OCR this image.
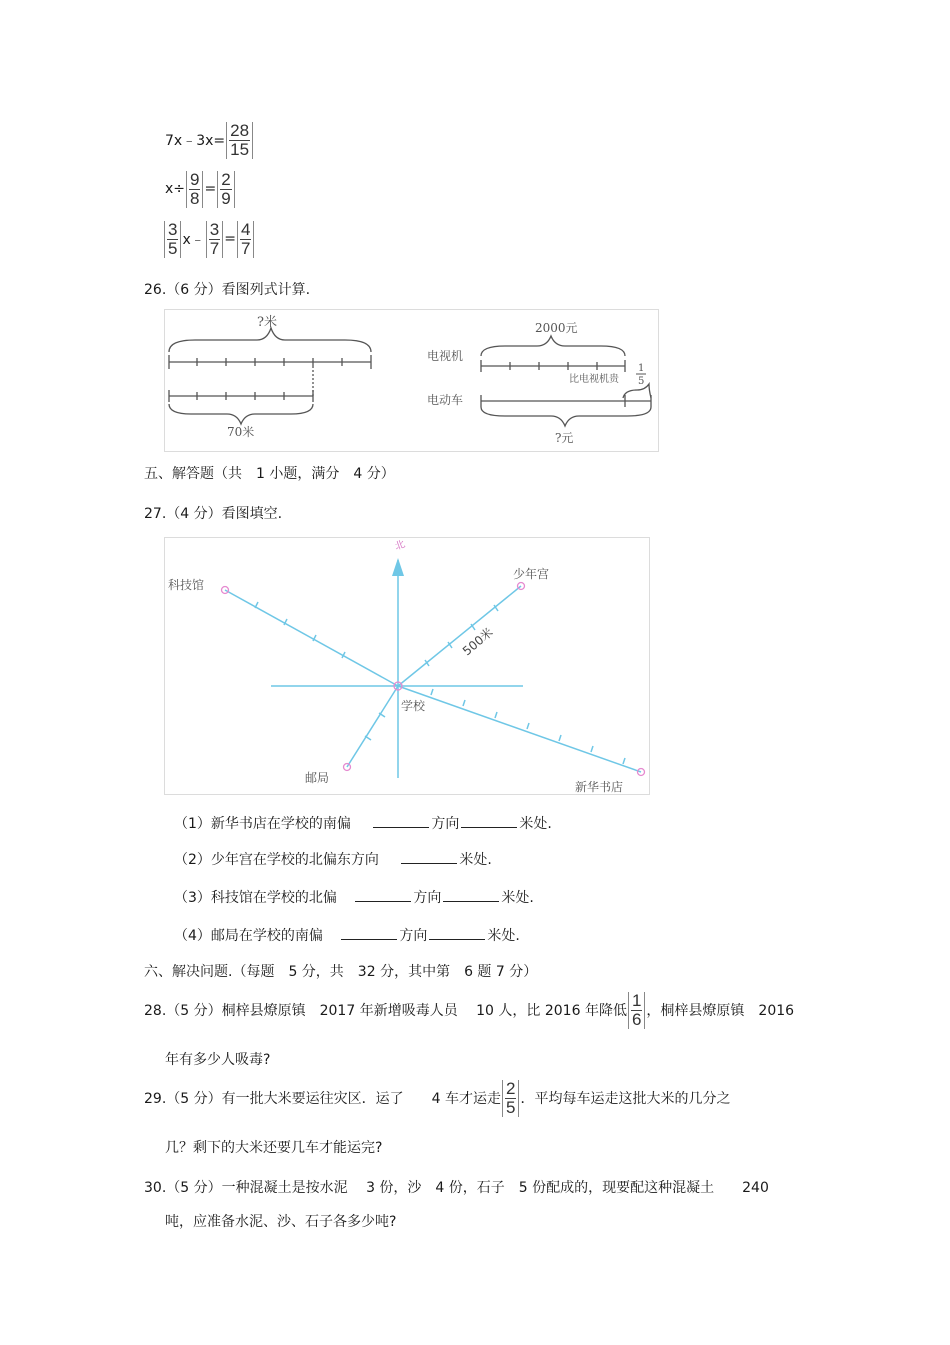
7x﹣3x= $\frac{28}{15}$
$x\div \frac{9}{8} = \frac{2}{9}$
$\frac{3}{5}$ x﹣ $\frac{3}{7} = \frac{4}{7}$
26.（6 分）看图列式计算.
?米
70米
电视机
2000元
比电视机贵
1
5
电动车
?元
五、解答题（共　1 小题，满分　4 分）
27.（4 分）看图填空.
北
少年宫
科技馆
学校
邮局
新华书店
500米
（1）新华书店在学校的南偏	方向	米处.
（2）少年宫在学校的北偏东方向	米处.
（3）科技馆在学校的北偏	方向	米处.
（4）邮局在学校的南偏	方向	米处.
六、解决问题.（每题　5 分，共　32 分，其中第　6 题 7 分）
28.（5 分）桐梓县燎原镇　2017 年新增吸毒人员　 10 人，比 2016 年降低 $\frac{1}{6}$ ，桐梓县燎原镇　2016
年有多少人吸毒?
29.（5 分）有一批大米要运往灾区．运了　　4 车才运走 $\frac{2}{5}$ ．平均每车运走这批大米的几分之
几？剩下的大米还要几车才能运完?
30.（5 分）一种混凝土是按水泥　 3 份，沙　4 份，石子　5 份配成的，现要配这种混凝土　　240
吨，应准备水泥、沙、石子各多少吨?
